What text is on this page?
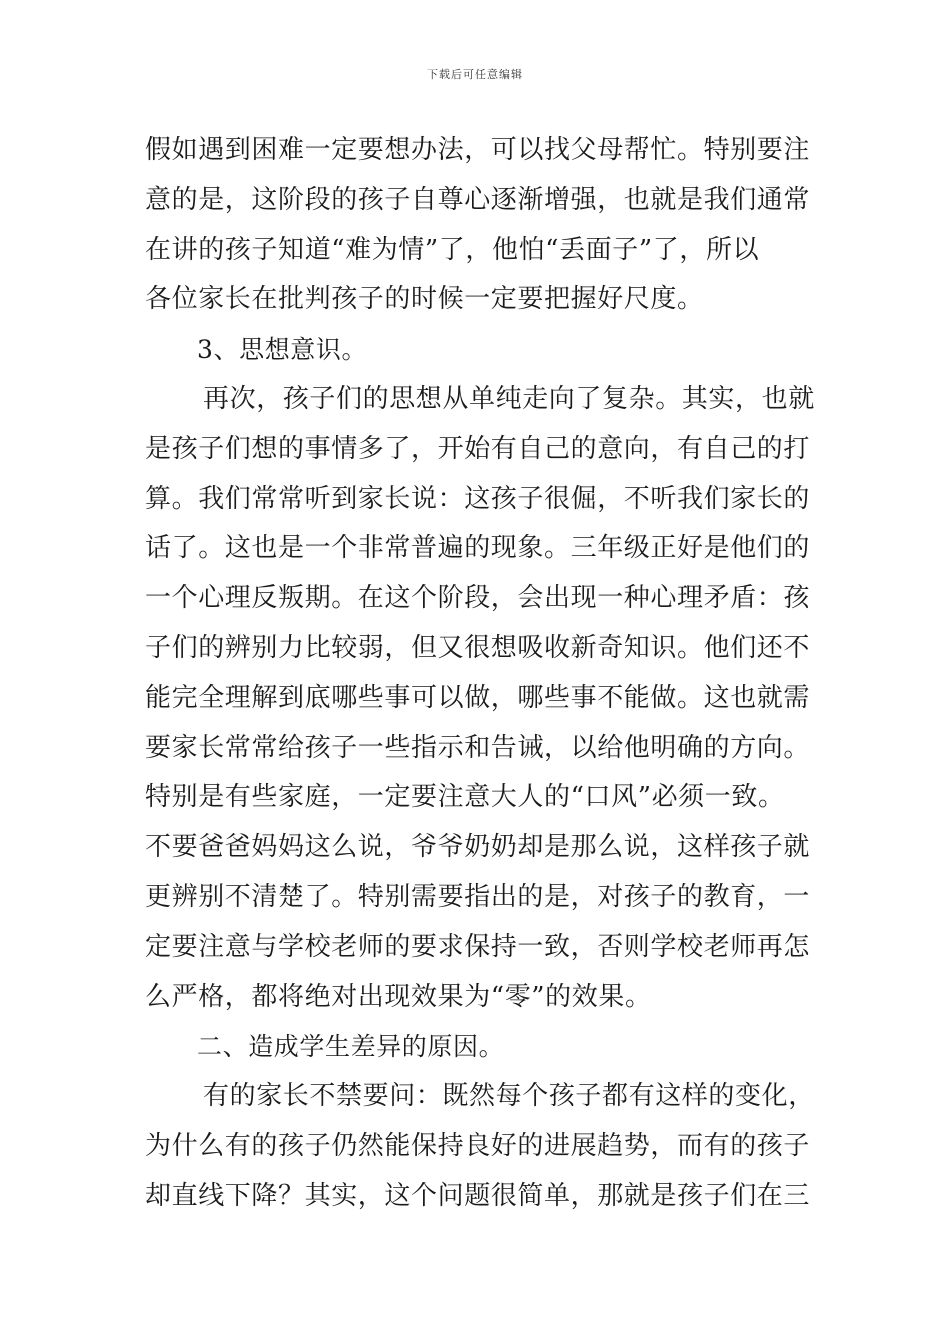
下载后可任意编辑
假如遇到困难一定要想办法，可以找父母帮忙。特别要注
意的是，这阶段的孩子自尊心逐渐增强，也就是我们通常
在讲的孩子知道“难为情”了，他怕“丢面子”了，所以
各位家长在批判孩子的时候一定要把握好尺度。
3、思想意识。
再次，孩子们的思想从单纯走向了复杂。其实，也就
是孩子们想的事情多了，开始有自己的意向，有自己的打
算。我们常常听到家长说：这孩子很倔，不听我们家长的
话了。这也是一个非常普遍的现象。三年级正好是他们的
一个心理反叛期。在这个阶段，会出现一种心理矛盾：孩
子们的辨别力比较弱，但又很想吸收新奇知识。他们还不
能完全理解到底哪些事可以做，哪些事不能做。这也就需
要家长常常给孩子一些指示和告诫，以给他明确的方向。
特别是有些家庭，一定要注意大人的“口风”必须一致。
不要爸爸妈妈这么说，爷爷奶奶却是那么说，这样孩子就
更辨别不清楚了。特别需要指出的是，对孩子的教育，一
定要注意与学校老师的要求保持一致，否则学校老师再怎
么严格，都将绝对出现效果为“零”的效果。
二、造成学生差异的原因。
有的家长不禁要问：既然每个孩子都有这样的变化，
为什么有的孩子仍然能保持良好的进展趋势，而有的孩子
却直线下降？其实，这个问题很简单，那就是孩子们在三
